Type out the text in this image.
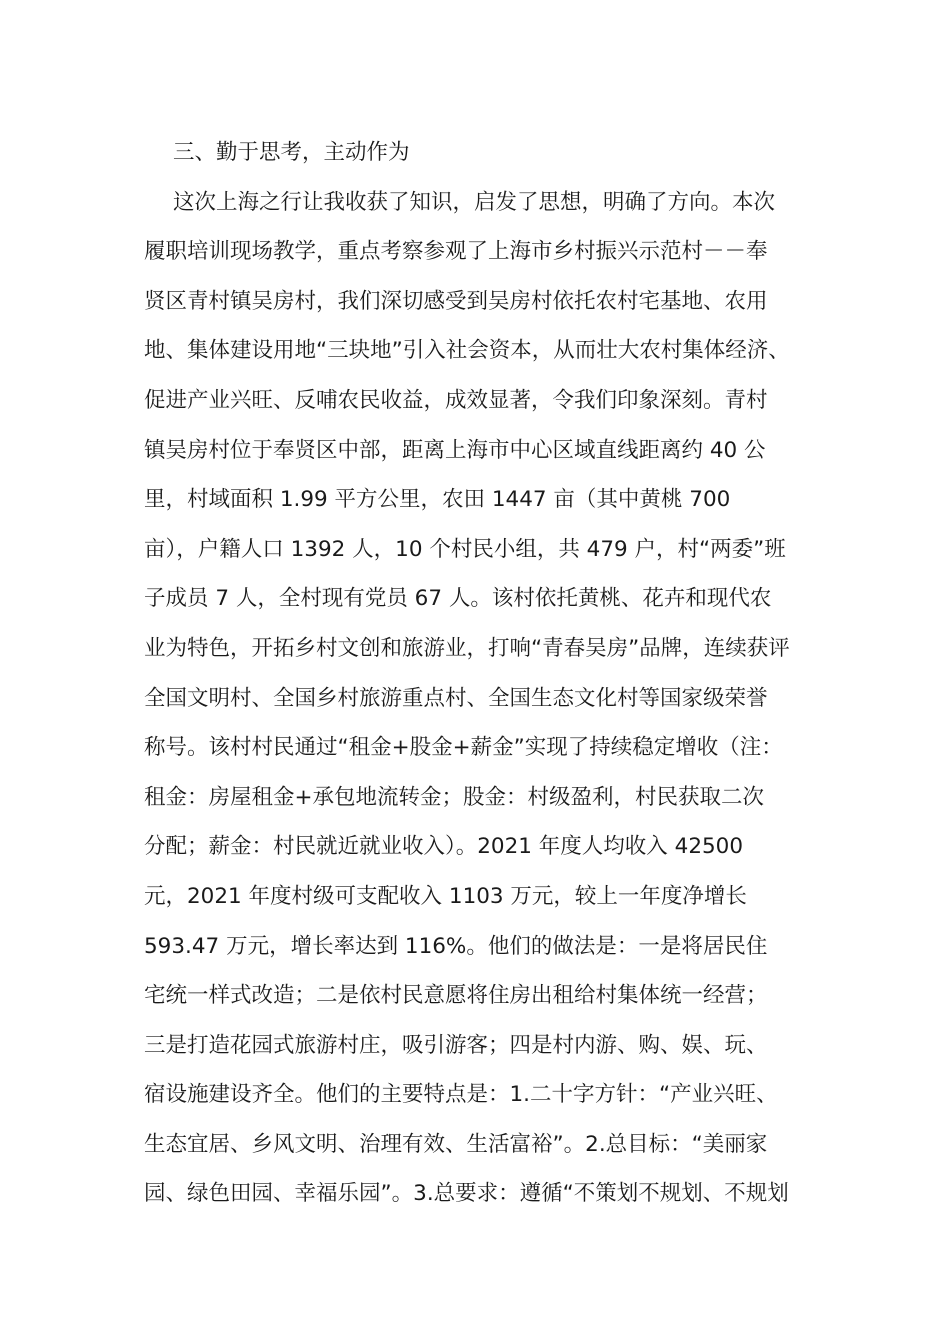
三、勤于思考，主动作为
这次上海之行让我收获了知识，启发了思想，明确了方向。本次
履职培训现场教学，重点考察参观了上海市乡村振兴示范村－－奉
贤区青村镇吴房村，我们深切感受到吴房村依托农村宅基地、农用
地、集体建设用地“三块地”引入社会资本，从而壮大农村集体经济、
促进产业兴旺、反哺农民收益，成效显著，令我们印象深刻。青村
镇吴房村位于奉贤区中部，距离上海市中心区域直线距离约 40 公
里，村域面积 1.99 平方公里，农田 1447 亩（其中黄桃 700
亩），户籍人口 1392 人，10 个村民小组，共 479 户，村“两委”班
子成员 7 人，全村现有党员 67 人。该村依托黄桃、花卉和现代农
业为特色，开拓乡村文创和旅游业，打响“青春吴房”品牌，连续获评
全国文明村、全国乡村旅游重点村、全国生态文化村等国家级荣誉
称号。该村村民通过“租金+股金+薪金”实现了持续稳定增收（注：
租金：房屋租金+承包地流转金；股金：村级盈利，村民获取二次
分配；薪金：村民就近就业收入）。2021 年度人均收入 42500
元，2021 年度村级可支配收入 1103 万元，较上一年度净增长
593.47 万元，增长率达到 116%。他们的做法是：一是将居民住
宅统一样式改造；二是依村民意愿将住房出租给村集体统一经营；
三是打造花园式旅游村庄，吸引游客；四是村内游、购、娱、玩、
宿设施建设齐全。他们的主要特点是：1.二十字方针：“产业兴旺、
生态宜居、乡风文明、治理有效、生活富裕”。2.总目标：“美丽家
园、绿色田园、幸福乐园”。3.总要求：遵循“不策划不规划、不规划
